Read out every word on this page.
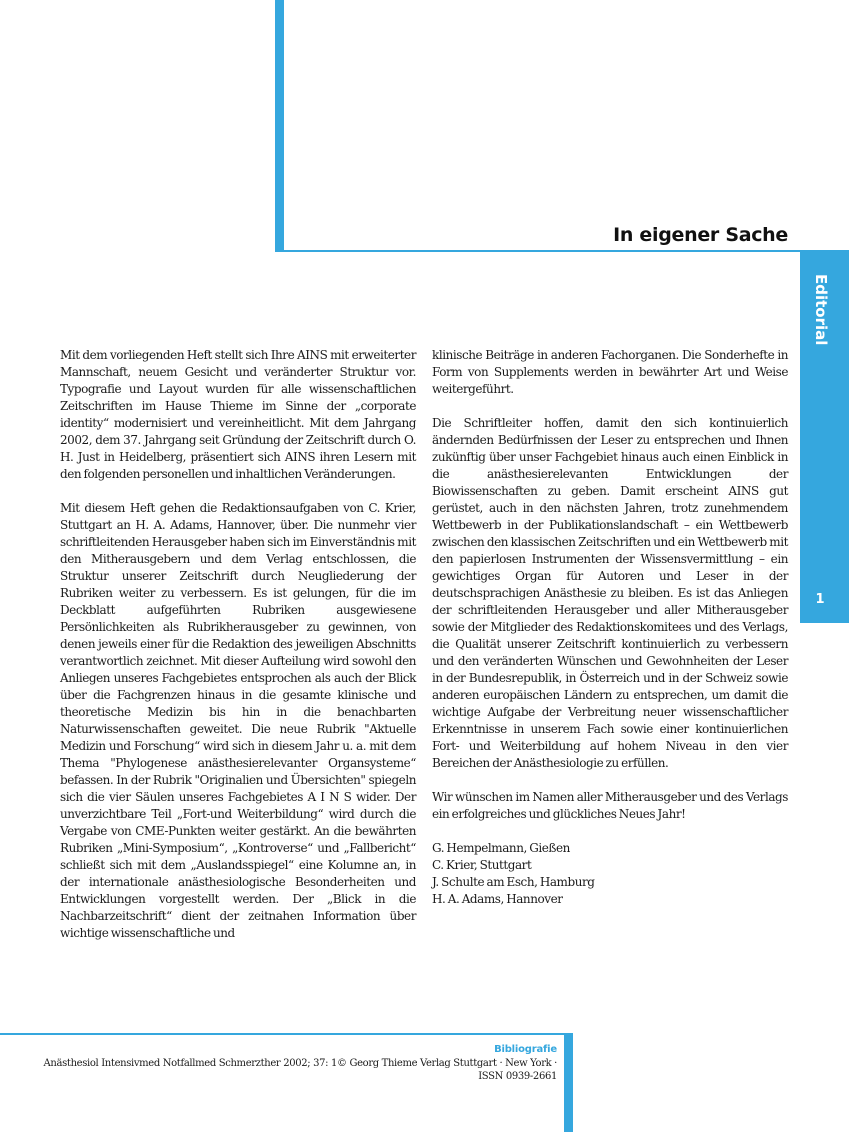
In eigener Sache
Editorial
1

Mit dem vorliegenden Heft stellt sich Ihre AINS mit erweiterter Mannschaft, neuem Gesicht und veränderter Struktur vor. Typografie und Layout wurden für alle wissenschaftlichen Zeitschriften im Hause Thieme im Sinne der „corporate identity“ modernisiert und vereinheitlicht. Mit dem Jahrgang 2002, dem 37. Jahrgang seit Gründung der Zeitschrift durch O. H. Just in Heidelberg, präsentiert sich AINS ihren Lesern mit den folgenden personellen und inhaltlichen Veränderungen.

Mit diesem Heft gehen die Redaktionsaufgaben von C. Krier, Stuttgart an H. A. Adams, Hannover, über. Die nunmehr vier schriftleitenden Herausgeber haben sich im Einverständnis mit den Mitherausgebern und dem Verlag entschlossen, die Struktur unserer Zeitschrift durch Neugliederung der Rubriken weiter zu verbessern. Es ist gelungen, für die im Deckblatt aufgeführten Rubriken ausgewiesene Persönlichkeiten als Rubrikherausgeber zu gewinnen, von denen jeweils einer für die Redaktion des jeweiligen Abschnitts verantwortlich zeichnet. Mit dieser Aufteilung wird sowohl den Anliegen unseres Fachgebietes entsprochen als auch der Blick über die Fachgrenzen hinaus in die gesamte klinische und theoretische Medizin bis hin in die benachbarten Naturwissenschaften geweitet. Die neue Rubrik "Aktuelle Medizin und Forschung“ wird sich in diesem Jahr u. a. mit dem Thema "Phylogenese anästhesierelevanter Organsysteme“ befassen. In der Rubrik "Originalien und Übersichten" spiegeln sich die vier Säulen unseres Fachgebietes A I N S wider. Der unverzichtbare Teil „Fort-und Weiterbildung“ wird durch die Vergabe von CME-Punkten weiter gestärkt. An die bewährten Rubriken „Mini-Symposium“, „Kontroverse“ und „Fallbericht“ schließt sich mit dem „Auslandsspiegel“ eine Kolumne an, in der internationale anästhesiologische Besonderheiten und Entwicklungen vorgestellt werden. Der „Blick in die Nachbarzeitschrift“ dient der zeitnahen Information über wichtige wissenschaftliche und

klinische Beiträge in anderen Fachorganen. Die Sonderhefte in Form von Supplements werden in bewährter Art und Weise weitergeführt.

Die Schriftleiter hoffen, damit den sich kontinuierlich ändernden Bedürfnissen der Leser zu entsprechen und Ihnen zukünftig über unser Fachgebiet hinaus auch einen Einblick in die anästhesierelevanten Entwicklungen der Biowissenschaften zu geben. Damit erscheint AINS gut gerüstet, auch in den nächsten Jahren, trotz zunehmendem Wettbewerb in der Publikationslandschaft – ein Wettbewerb zwischen den klassischen Zeitschriften und ein Wettbewerb mit den papierlosen Instrumenten der Wissensvermittlung – ein gewichtiges Organ für Autoren und Leser in der deutschsprachigen Anästhesie zu bleiben. Es ist das Anliegen der schriftleitenden Herausgeber und aller Mitherausgeber sowie der Mitglieder des Redaktionskomitees und des Verlags, die Qualität unserer Zeitschrift kontinuierlich zu verbessern und den veränderten Wünschen und Gewohnheiten der Leser in der Bundesrepublik, in Österreich und in der Schweiz sowie anderen europäischen Ländern zu entsprechen, um damit die wichtige Aufgabe der Verbreitung neuer wissenschaftlicher Erkenntnisse in unserem Fach sowie einer kontinuierlichen Fort- und Weiterbildung auf hohem Niveau in den vier Bereichen der Anästhesiologie zu erfüllen.

Wir wünschen im Namen aller Mitherausgeber und des Verlags ein erfolgreiches und glückliches Neues Jahr!

G. Hempelmann, Gießen
C. Krier, Stuttgart
J. Schulte am Esch, Hamburg
H. A. Adams, Hannover
Bibliografie
Anästhesiol Intensivmed Notfallmed Schmerzther 2002; 37: 1© Georg Thieme Verlag Stuttgart · New York ·
ISSN 0939-2661
